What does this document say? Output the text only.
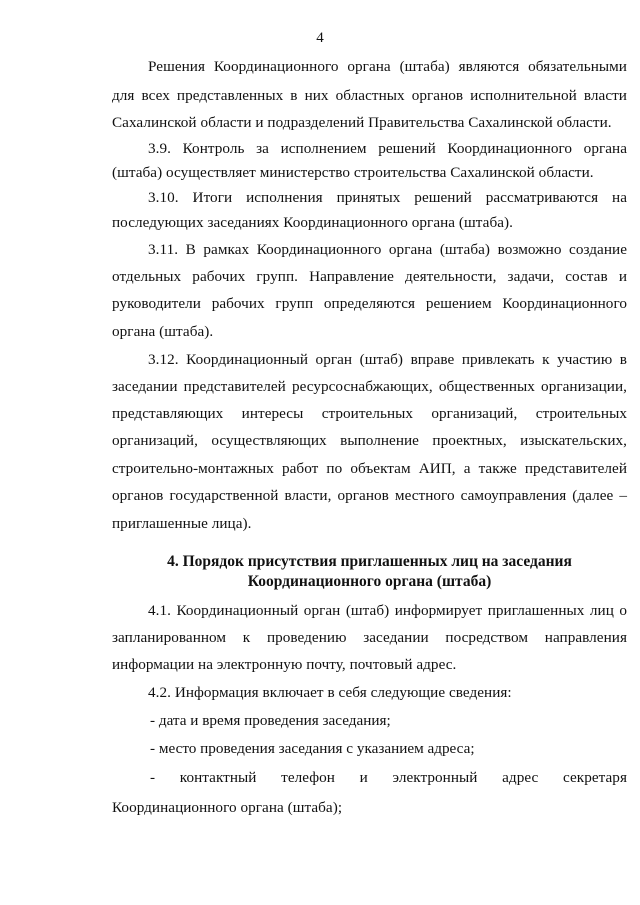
4
Решения Координационного органа (штаба) являются обязательными
для всех представленных в них областных органов исполнительной власти
Сахалинской области и подразделений Правительства Сахалинской области.
3.9. Контроль за исполнением решений Координационного органа
(штаба) осуществляет министерство строительства Сахалинской области.
3.10. Итоги исполнения принятых решений рассматриваются на
последующих заседаниях Координационного органа (штаба).
3.11. В рамках Координационного органа (штаба) возможно создание
отдельных рабочих групп. Направление деятельности, задачи, состав и
руководители рабочих групп определяются решением Координационного
органа (штаба).
3.12. Координационный орган (штаб) вправе привлекать к участию в
заседании представителей ресурсоснабжающих, общественных организации,
представляющих интересы строительных организаций, строительных
организаций, осуществляющих выполнение проектных, изыскательских,
строительно-монтажных работ по объектам АИП, а также представителей
органов государственной власти, органов местного самоуправления (далее –
приглашенные лица).
4. Порядок присутствия приглашенных лиц на заседания
Координационного органа (штаба)
4.1. Координационный орган (штаб) информирует приглашенных лиц о
запланированном к проведению заседании посредством направления
информации на электронную почту, почтовый адрес.
4.2. Информация включает в себя следующие сведения:
- дата и время проведения заседания;
- место проведения заседания с указанием адреса;
- контактный телефон и электронный адрес секретаря
Координационного органа (штаба);
